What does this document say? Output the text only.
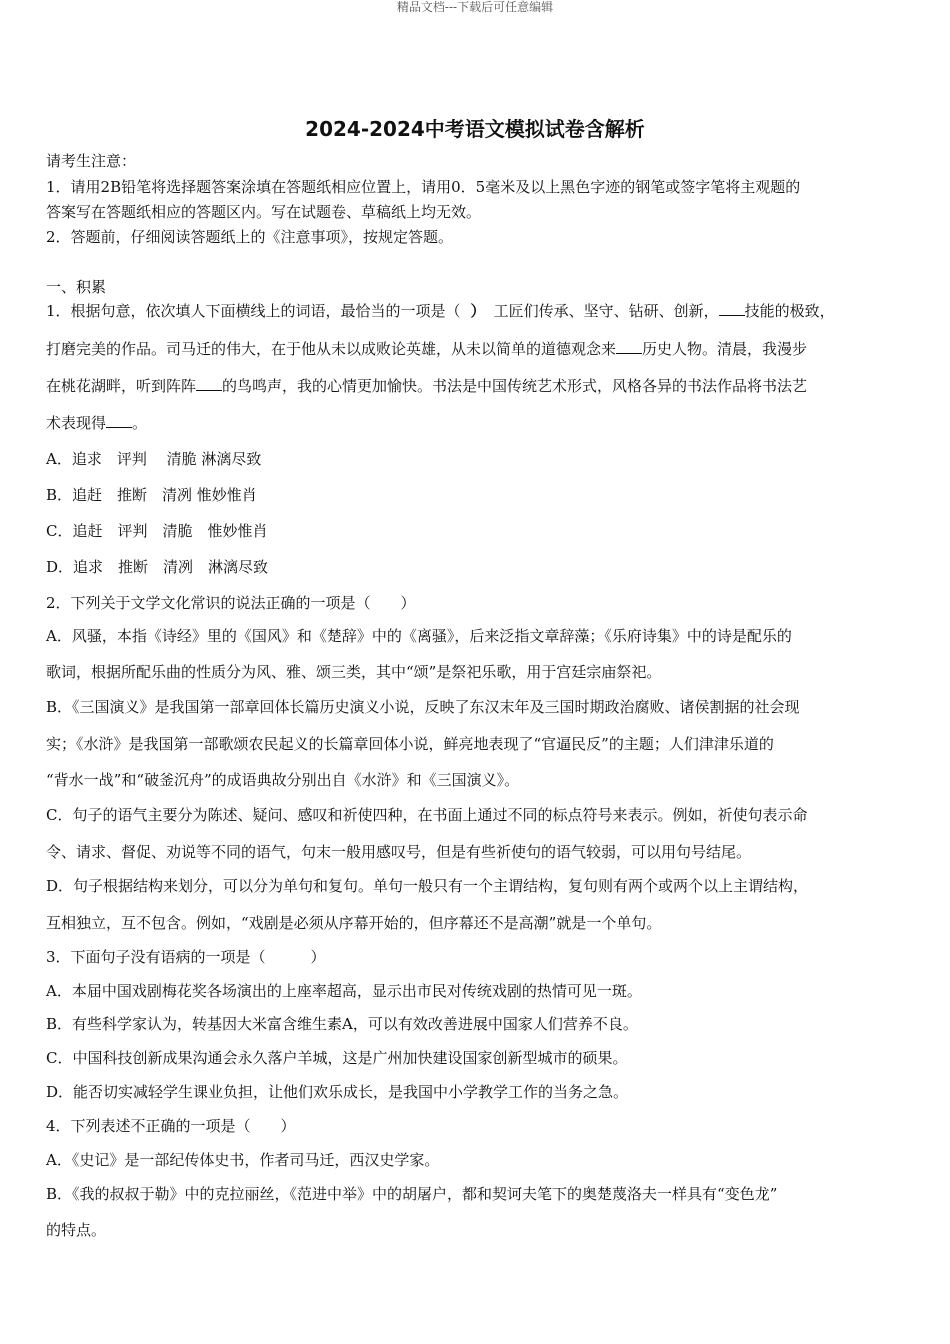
精品文档---下载后可任意编辑
2024-2024中考语文模拟试卷含解析
请考生注意：
1．请用2B铅笔将选择题答案涂填在答题纸相应位置上，请用0．5毫米及以上黑色字迹的钢笔或签字笔将主观题的
答案写在答题纸相应的答题区内。写在试题卷、草稿纸上均无效。
2．答题前，仔细阅读答题纸上的《注意事项》，按规定答题。
一、积累
1．根据句意，依次填人下面横线上的词语，最恰当的一项是（ ） 工匠们传承、坚守、钻研、创新， 技能的极致，
打磨完美的作品。司马迁的伟大，在于他从未以成败论英雄，从未以简单的道德观念来 历史人物。清晨，我漫步
在桃花湖畔，听到阵阵 的鸟鸣声，我的心情更加愉快。书法是中国传统艺术形式，风格各异的书法作品将书法艺
术表现得 。
A．追求　评判　 清脆 淋漓尽致
B．追赶　推断　清冽 惟妙惟肖
C．追赶　评判　清脆　惟妙惟肖
D．追求　推断　清冽　淋漓尽致
2．下列关于文学文化常识的说法正确的一项是（　　）
A．风骚，本指《诗经》里的《国风》和《楚辞》中的《离骚》，后来泛指文章辞藻；《乐府诗集》中的诗是配乐的
歌词，根据所配乐曲的性质分为风、雅、颂三类，其中“颂”是祭祀乐歌，用于宫廷宗庙祭祀。
B．《三国演义》是我国第一部章回体长篇历史演义小说，反映了东汉末年及三国时期政治腐败、诸侯割据的社会现
实；《水浒》是我国第一部歌颂农民起义的长篇章回体小说，鲜亮地表现了“官逼民反”的主题；人们津津乐道的
“背水一战”和“破釜沉舟”的成语典故分别出自《水浒》和《三国演义》。
C．句子的语气主要分为陈述、疑问、感叹和祈使四种，在书面上通过不同的标点符号来表示。例如，祈使句表示命
令、请求、督促、劝说等不同的语气，句末一般用感叹号，但是有些祈使句的语气较弱，可以用句号结尾。
D．句子根据结构来划分，可以分为单句和复句。单句一般只有一个主谓结构，复句则有两个或两个以上主谓结构，
互相独立，互不包含。例如，“戏剧是必须从序幕开始的，但序幕还不是高潮”就是一个单句。
3．下面句子没有语病的一项是（　　　）
A．本届中国戏剧梅花奖各场演出的上座率超高，显示出市民对传统戏剧的热情可见一斑。
B．有些科学家认为，转基因大米富含维生素A，可以有效改善进展中国家人们营养不良。
C．中国科技创新成果沟通会永久落户羊城，这是广州加快建设国家创新型城市的硕果。
D．能否切实减轻学生课业负担，让他们欢乐成长，是我国中小学教学工作的当务之急。
4．下列表述不正确的一项是（　　）
A．《史记》是一部纪传体史书，作者司马迁，西汉史学家。
B．《我的叔叔于勒》中的克拉丽丝，《范进中举》中的胡屠户，都和契诃夫笔下的奥楚蔑洛夫一样具有“变色龙”
的特点。
